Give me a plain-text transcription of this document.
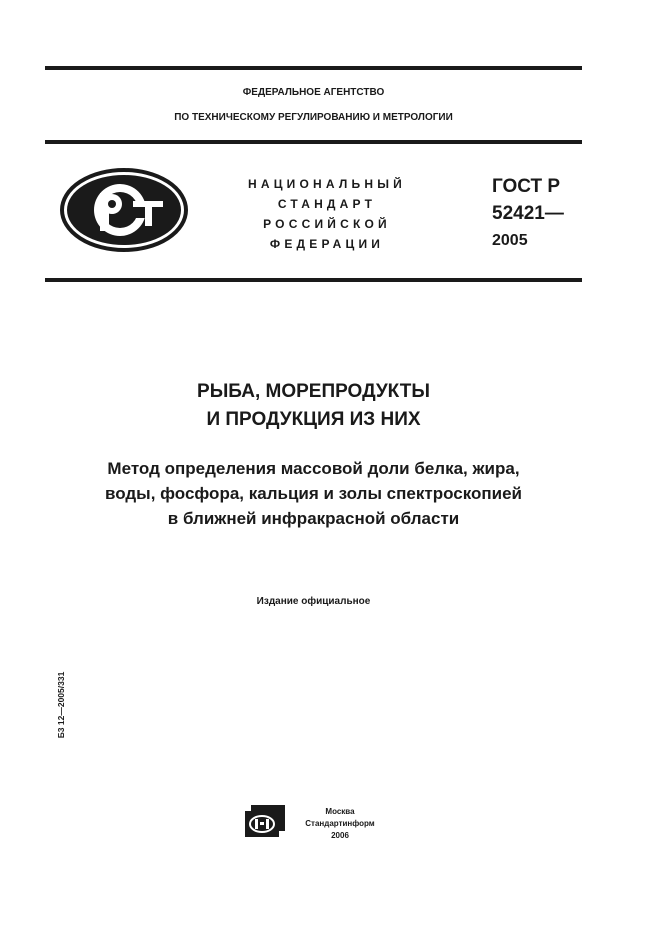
ФЕДЕРАЛЬНОЕ АГЕНТСТВО
ПО ТЕХНИЧЕСКОМУ РЕГУЛИРОВАНИЮ И МЕТРОЛОГИИ
НАЦИОНАЛЬНЫЙ
СТАНДАРТ
РОССИЙСКОЙ
ФЕДЕРАЦИИ
ГОСТ Р
52421—
2005
РЫБА, МОРЕПРОДУКТЫ
И ПРОДУКЦИЯ ИЗ НИХ
Метод определения массовой доли белка, жира,
воды, фосфора, кальция и золы спектроскопией
в ближней инфракрасной области
Издание официальное
Б3 12—2005/331
Москва
Стандартинформ
2006
